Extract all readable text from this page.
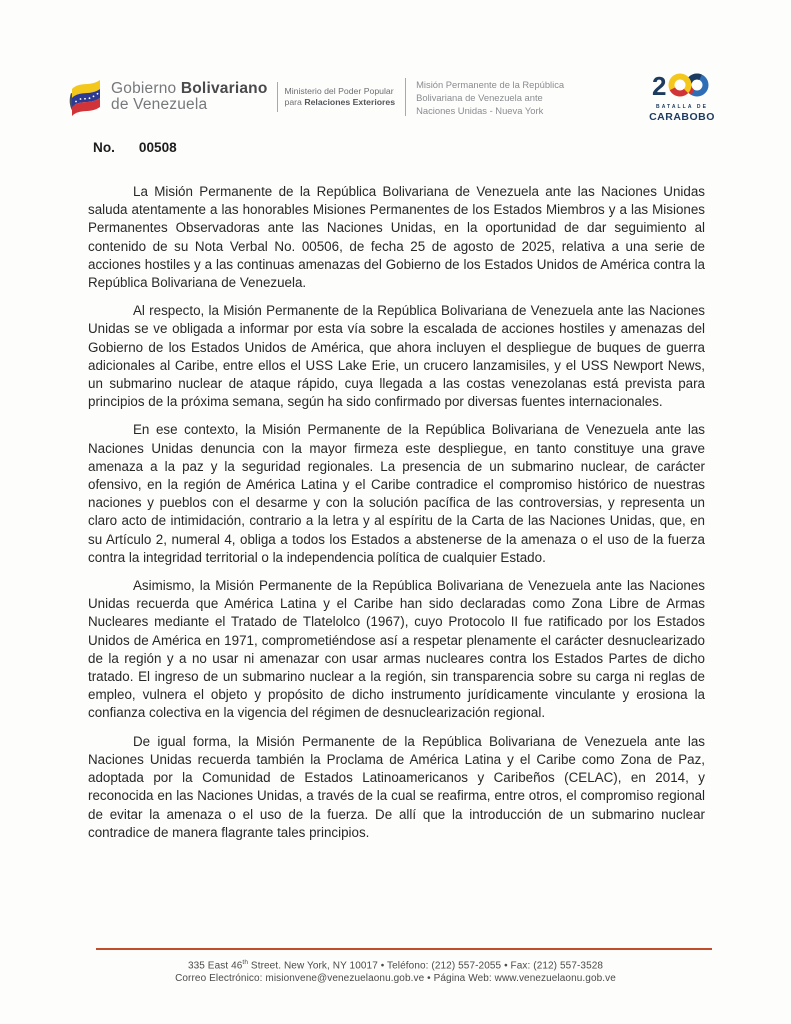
Gobierno Bolivariano
de Venezuela
Ministerio del Poder Popular
para Relaciones Exteriores
Misión Permanente de la República
Bolivariana de Venezuela ante
Naciones Unidas - Nueva York
2
BATALLA DE
CARABOBO
No. 00508

La Misión Permanente de la República Bolivariana de Venezuela ante las Naciones Unidas saluda atentamente a las honorables Misiones Permanentes de los Estados Miembros y a las Misiones Permanentes Observadoras ante las Naciones Unidas, en la oportunidad de dar seguimiento al contenido de su Nota Verbal No. 00506, de fecha 25 de agosto de 2025, relativa a una serie de acciones hostiles y a las continuas amenazas del Gobierno de los Estados Unidos de América contra la República Bolivariana de Venezuela.

Al respecto, la Misión Permanente de la República Bolivariana de Venezuela ante las Naciones Unidas se ve obligada a informar por esta vía sobre la escalada de acciones hostiles y amenazas del Gobierno de los Estados Unidos de América, que ahora incluyen el despliegue de buques de guerra adicionales al Caribe, entre ellos el USS Lake Erie, un crucero lanzamisiles, y el USS Newport News, un submarino nuclear de ataque rápido, cuya llegada a las costas venezolanas está prevista para principios de la próxima semana, según ha sido confirmado por diversas fuentes internacionales.

En ese contexto, la Misión Permanente de la República Bolivariana de Venezuela ante las Naciones Unidas denuncia con la mayor firmeza este despliegue, en tanto constituye una grave amenaza a la paz y la seguridad regionales. La presencia de un submarino nuclear, de carácter ofensivo, en la región de América Latina y el Caribe contradice el compromiso histórico de nuestras naciones y pueblos con el desarme y con la solución pacífica de las controversias, y representa un claro acto de intimidación, contrario a la letra y al espíritu de la Carta de las Naciones Unidas, que, en su Artículo 2, numeral 4, obliga a todos los Estados a abstenerse de la amenaza o el uso de la fuerza contra la integridad territorial o la independencia política de cualquier Estado.

Asimismo, la Misión Permanente de la República Bolivariana de Venezuela ante las Naciones Unidas recuerda que América Latina y el Caribe han sido declaradas como Zona Libre de Armas Nucleares mediante el Tratado de Tlatelolco (1967), cuyo Protocolo II fue ratificado por los Estados Unidos de América en 1971, comprometiéndose así a respetar plenamente el carácter desnuclearizado de la región y a no usar ni amenazar con usar armas nucleares contra los Estados Partes de dicho tratado. El ingreso de un submarino nuclear a la región, sin transparencia sobre su carga ni reglas de empleo, vulnera el objeto y propósito de dicho instrumento jurídicamente vinculante y erosiona la confianza colectiva en la vigencia del régimen de desnuclearización regional.

De igual forma, la Misión Permanente de la República Bolivariana de Venezuela ante las Naciones Unidas recuerda también la Proclama de América Latina y el Caribe como Zona de Paz, adoptada por la Comunidad de Estados Latinoamericanos y Caribeños (CELAC), en 2014, y reconocida en las Naciones Unidas, a través de la cual se reafirma, entre otros, el compromiso regional de evitar la amenaza o el uso de la fuerza. De allí que la introducción de un submarino nuclear contradice de manera flagrante tales principios.

335 East 46th Street. New York, NY 10017 • Teléfono: (212) 557-2055 • Fax: (212) 557-3528
Correo Electrónico: misionvene@venezuelaonu.gob.ve • Página Web: www.venezuelaonu.gob.ve
